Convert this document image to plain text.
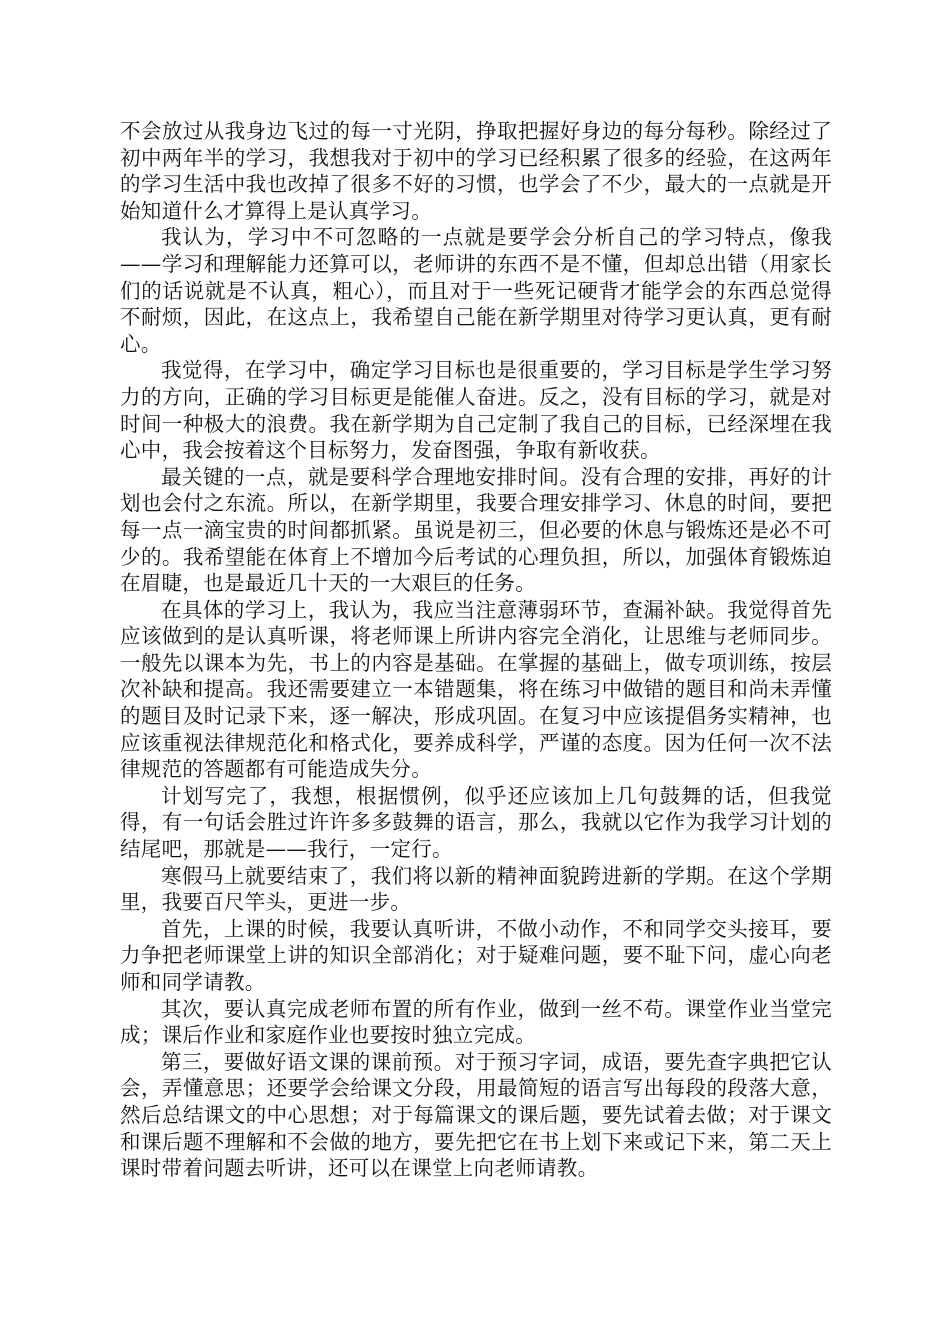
不会放过从我身边飞过的每一寸光阴，挣取把握好身边的每分每秒。除经过了初中两年半的学习，我想我对于初中的学习已经积累了很多的经验，在这两年的学习生活中我也改掉了很多不好的习惯，也学会了不少，最大的一点就是开始知道什么才算得上是认真学习。

我认为，学习中不可忽略的一点就是要学会分析自己的学习特点，像我——学习和理解能力还算可以，老师讲的东西不是不懂，但却总出错（用家长们的话说就是不认真，粗心），而且对于一些死记硬背才能学会的东西总觉得不耐烦，因此，在这点上，我希望自己能在新学期里对待学习更认真，更有耐心。

我觉得，在学习中，确定学习目标也是很重要的，学习目标是学生学习努力的方向，正确的学习目标更是能催人奋进。反之，没有目标的学习，就是对时间一种极大的浪费。我在新学期为自己定制了我自己的目标，已经深埋在我心中，我会按着这个目标努力，发奋图强，争取有新收获。

最关键的一点，就是要科学合理地安排时间。没有合理的安排，再好的计划也会付之东流。所以，在新学期里，我要合理安排学习、休息的时间，要把每一点一滴宝贵的时间都抓紧。虽说是初三，但必要的休息与锻炼还是必不可少的。我希望能在体育上不增加今后考试的心理负担，所以，加强体育锻炼迫在眉睫，也是最近几十天的一大艰巨的任务。

在具体的学习上，我认为，我应当注意薄弱环节，查漏补缺。我觉得首先应该做到的是认真听课，将老师课上所讲内容完全消化，让思维与老师同步。一般先以课本为先，书上的内容是基础。在掌握的基础上，做专项训练，按层次补缺和提高。我还需要建立一本错题集，将在练习中做错的题目和尚未弄懂的题目及时记录下来，逐一解决，形成巩固。在复习中应该提倡务实精神，也应该重视法律规范化和格式化，要养成科学，严谨的态度。因为任何一次不法律规范的答题都有可能造成失分。

计划写完了，我想，根据惯例，似乎还应该加上几句鼓舞的话，但我觉得，有一句话会胜过许许多多鼓舞的语言，那么，我就以它作为我学习计划的结尾吧，那就是——我行，一定行。

寒假马上就要结束了，我们将以新的精神面貌跨进新的学期。在这个学期里，我要百尺竿头，更进一步。

首先，上课的时候，我要认真听讲，不做小动作，不和同学交头接耳，要力争把老师课堂上讲的知识全部消化；对于疑难问题，要不耻下问，虚心向老师和同学请教。

其次，要认真完成老师布置的所有作业，做到一丝不苟。课堂作业当堂完成；课后作业和家庭作业也要按时独立完成。

第三，要做好语文课的课前预。对于预习字词，成语，要先查字典把它认会，弄懂意思；还要学会给课文分段，用最简短的语言写出每段的段落大意，然后总结课文的中心思想；对于每篇课文的课后题，要先试着去做；对于课文和课后题不理解和不会做的地方，要先把它在书上划下来或记下来，第二天上课时带着问题去听讲，还可以在课堂上向老师请教。
